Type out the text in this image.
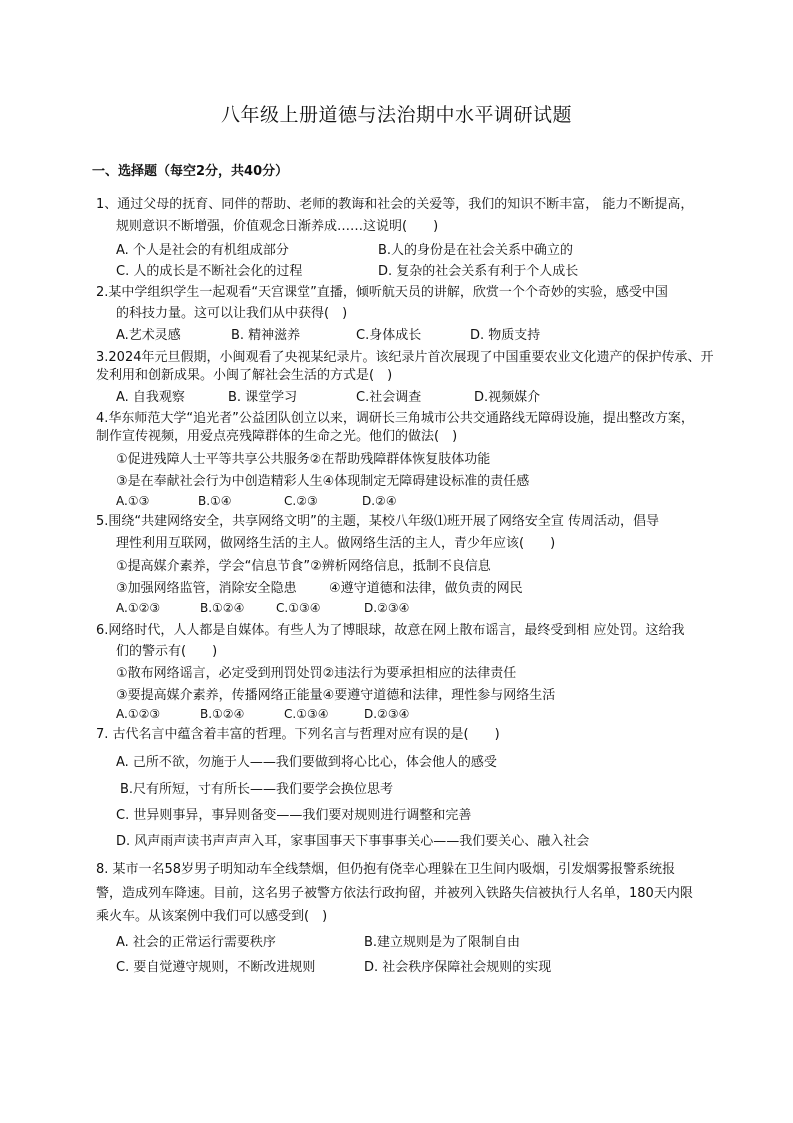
八年级上册道德与法治期中水平调研试题
一、选择题（每空2分，共40分）
1、通过父母的抚育、同伴的帮助、老师的教诲和社会的关爱等，我们的知识不断丰富， 能力不断提高，
规则意识不断增强，价值观念日渐养成……这说明(　　)
A. 个人是社会的有机组成部分	B.人的身份是在社会关系中确立的
C. 人的成长是不断社会化的过程	D. 复杂的社会关系有利于个人成长
2.某中学组织学生一起观看“天宫课堂”直播，倾听航天员的讲解，欣赏一个个奇妙的实验，感受中国
的科技力量。这可以让我们从中获得(　)
A.艺术灵感	B. 精神滋养	C.身体成长	D. 物质支持
3.2024年元旦假期，小闽观看了央视某纪录片。该纪录片首次展现了中国重要农业文化遗产的保护传承、开
发利用和创新成果。小闽了解社会生活的方式是(　)
A. 自我观察	B. 课堂学习	C.社会调查	D.视频媒介
4.华东师范大学“追光者”公益团队创立以来，调研长三角城市公共交通路线无障碍设施，提出整改方案，
制作宣传视频，用爱点亮残障群体的生命之光。他们的做法(　)
①促进残障人士平等共享公共服务②在帮助残障群体恢复肢体功能
③是在奉献社会行为中创造精彩人生④体现制定无障碍建设标准的责任感
A.①③	B.①④	C.②③	D.②④
5.围绕“共建网络安全，共享网络文明”的主题，某校八年级⑴班开展了网络安全宣 传周活动，倡导
理性利用互联网，做网络生活的主人。做网络生活的主人，青少年应该(　　)
①提高媒介素养，学会“信息节食”②辨析网络信息，抵制不良信息
③加强网络监管，消除安全隐患 ④遵守道德和法律，做负责的网民
A.①②③	B.①②④	C.①③④	D.②③④
6.网络时代，人人都是自媒体。有些人为了博眼球，故意在网上散布谣言，最终受到相 应处罚。这给我
们的警示有(　　)
①散布网络谣言，必定受到刑罚处罚②违法行为要承担相应的法律责任
③要提高媒介素养，传播网络正能量④要遵守道德和法律，理性参与网络生活
A.①②③	B.①②④	C.①③④	D.②③④
7. 古代名言中蕴含着丰富的哲理。下列名言与哲理对应有误的是(　　)
A. 己所不欲，勿施于人——我们要做到将心比心，体会他人的感受
B.尺有所短，寸有所长——我们要学会换位思考
C. 世异则事异，事异则备变——我们要对规则进行调整和完善
D. 风声雨声读书声声声入耳，家事国事天下事事事关心——我们要关心、融入社会
8. 某市一名58岁男子明知动车全线禁烟，但仍抱有侥幸心理躲在卫生间内吸烟，引发烟雾报警系统报
警，造成列车降速。目前，这名男子被警方依法行政拘留，并被列入铁路失信被执行人名单，180天内限
乘火车。从该案例中我们可以感受到(　)
A. 社会的正常运行需要秩序	B.建立规则是为了限制自由
C. 要自觉遵守规则，不断改进规则	D. 社会秩序保障社会规则的实现
